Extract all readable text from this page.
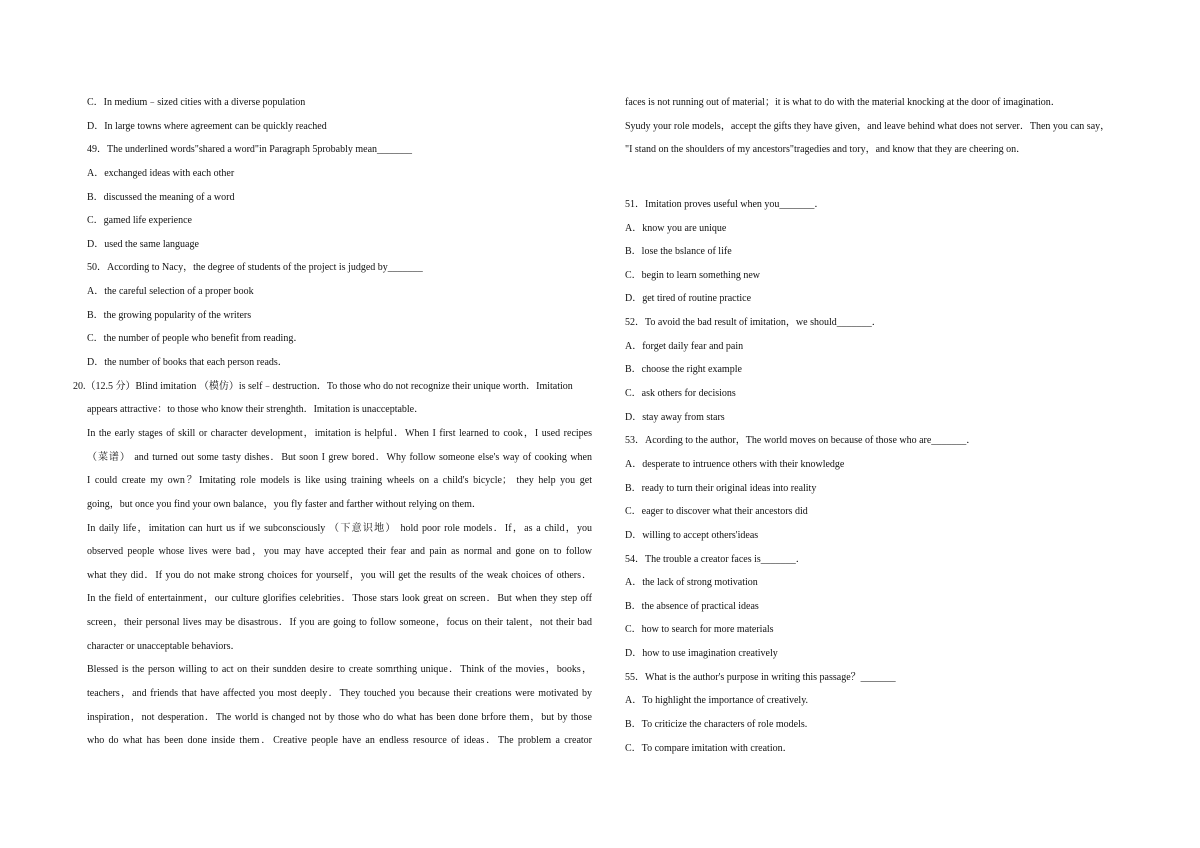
C．In medium﹣sized cities with a diverse population
D．In large towns where agreement can be quickly reached
49．The underlined words"shared a word"in Paragraph 5probably mean_______
A．exchanged ideas with each other
B．discussed the meaning of a word
C．gamed life experience
D．used the same language
50．According to Nacy，the degree of students of the project is judged by_______
A．the careful selection of a proper book
B．the growing popularity of the writers
C．the number of people who benefit from reading．
D．the number of books that each person reads．
20.（12.5 分）Blind imitation （模仿）is self﹣destruction．To those who do not recognize their unique worth．Imitation
appears attractive：to those who know their strenghth．Imitation is unacceptable．
In the early stages of skill or character development，imitation is helpful．When I first learned to cook，I used recipes
（菜谱） and turned out some tasty dishes．But soon I grew bored．Why follow someone else's way of cooking when
I could create my own？Imitating role models is like using training wheels on a child's bicycle； they help you get
going，but once you find your own balance，you fly faster and farther without relying on them．
In daily life，imitation can hurt us if we subconsciously （下意识地） hold poor role models．If，as a child，you
observed people whose lives were bad，you may have accepted their fear and pain as normal and gone on to follow
what they did．If you do not make strong choices for yourself，you will get the results of the weak choices of others．
In the field of entertainment，our culture glorifies celebrities．Those stars look great on screen．But when they step off
screen，their personal lives may be disastrous．If you are going to follow someone，focus on their talent，not their bad
character or unacceptable behaviors．
Blessed is the person willing to act on their sundden desire to create somrthing unique．Think of the movies，books，
teachers，and friends that have affected you most deeply．They touched you because their creations were motivated by
inspiration，not desperation．The world is changed not by those who do what has been done brfore them，but by those
who do what has been done inside them．Creative people have an endless resource of ideas．The problem a creator
faces is not running out of material；it is what to do with the material knocking at the door of imagination．
Syudy your role models，accept the gifts they have given，and leave behind what does not server．Then you can say，
"I stand on the shoulders of my ancestors"tragedies and tory，and know that they are cheering on．
51．Imitation proves useful when you_______．
A．know you are unique
B．lose the bslance of life
C．begin to learn something new
D．get tired of routine practice
52．To avoid the bad result of imitation，we should_______．
A．forget daily fear and pain
B．choose the right example
C．ask others for decisions
D．stay away from stars
53．Acording to the author，The world moves on because of those who are_______．
A．desperate to intruence others with their knowledge
B．ready to turn their original ideas into reality
C．eager to discover what their ancestors did
D．willing to accept others'ideas
54．The trouble a creator faces is_______．
A．the lack of strong motivation
B．the absence of practical ideas
C．how to search for more materials
D．how to use imagination creatively
55．What is the author's purpose in writing this passage？_______
A．To highlight the importance of creatively.
B．To criticize the characters of role models.
C．To compare imitation with creation．
